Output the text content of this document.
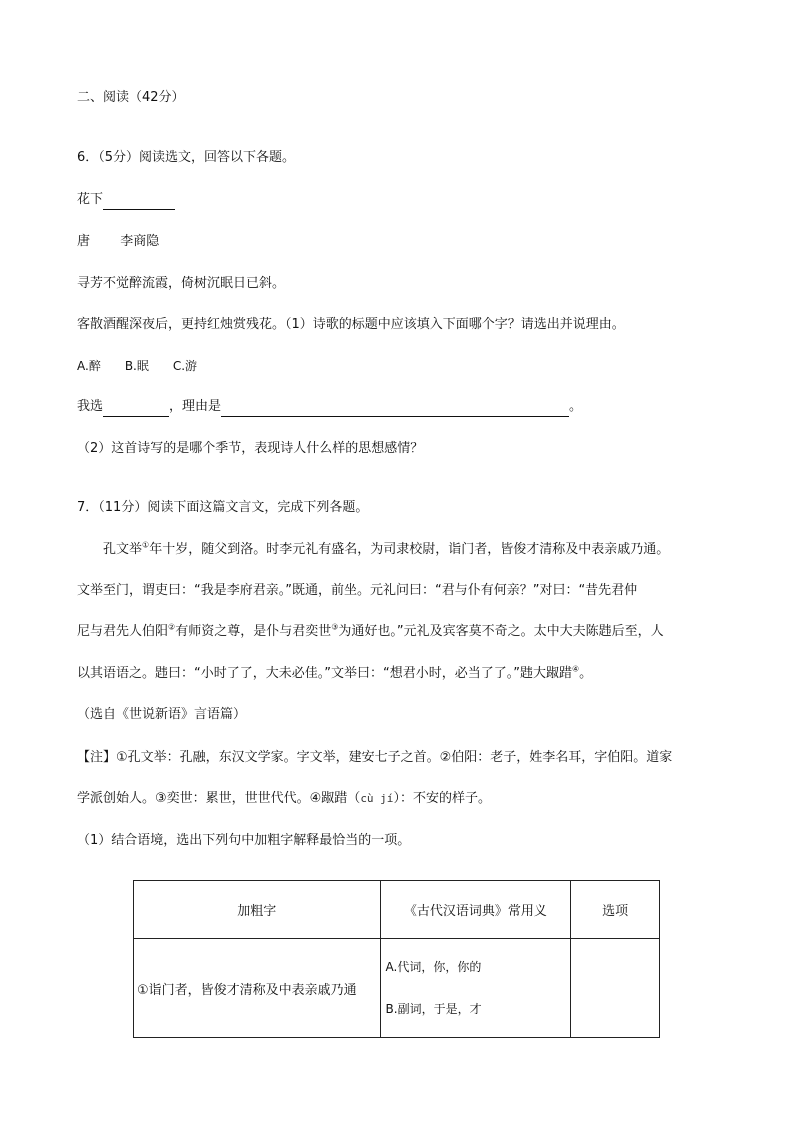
二、阅读（42分）
6．（5分）阅读选文，回答以下各题。
花下
唐 李商隐
寻芳不觉醉流霞，倚树沉眠日已斜。
客散酒醒深夜后，更持红烛赏残花。（1）诗歌的标题中应该填入下面哪个字？请选出并说理由。
A.醉　　B.眠　　C.游
我选	，理由是	。
（2）这首诗写的是哪个季节，表现诗人什么样的思想感情？
7．（11分）阅读下面这篇文言文，完成下列各题。
孔文举①年十岁，随父到洛。时李元礼有盛名，为司隶校尉，诣门者，皆俊才清称及中表亲戚乃通。
文举至门，谓吏曰：“我是李府君亲。”既通，前坐。元礼问曰：“君与仆有何亲？”对曰：“昔先君仲
尼与君先人伯阳②有师资之尊，是仆与君奕世③为通好也。”元礼及宾客莫不奇之。太中大夫陈韪后至，人
以其语语之。韪曰：“小时了了，大未必佳。”文举曰：“想君小时，必当了了。”韪大踧踖④。
（选自《世说新语》言语篇）
【注】①孔文举：孔融，东汉文学家。字文举，建安七子之首。②伯阳：老子，姓李名耳，字伯阳。道家
学派创始人。③奕世：累世，世世代代。④踧踖（cù jí）：不安的样子。
（1）结合语境，选出下列句中加粗字解释最恰当的一项。
加粗字	《古代汉语词典》常用义	选项
①诣门者，皆俊才清称及中表亲戚乃通	A.代词，你，你的
B.副词，于是，才	
